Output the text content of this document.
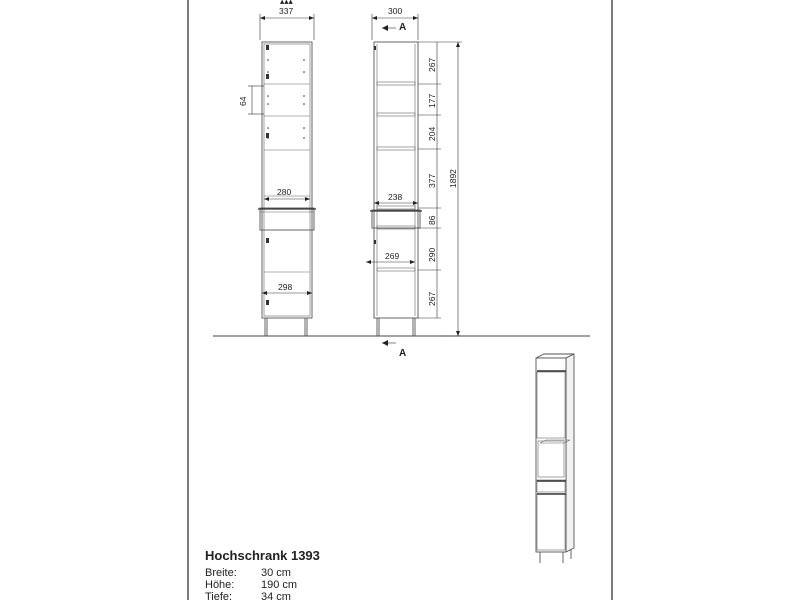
▴▴▴
337
64
280
298
300
A
238
269
A
267
177
204
377
86
290
267
1892
Hochschrank 1393
Breite:	30 cm
Höhe:	190 cm
Tiefe:	34 cm
